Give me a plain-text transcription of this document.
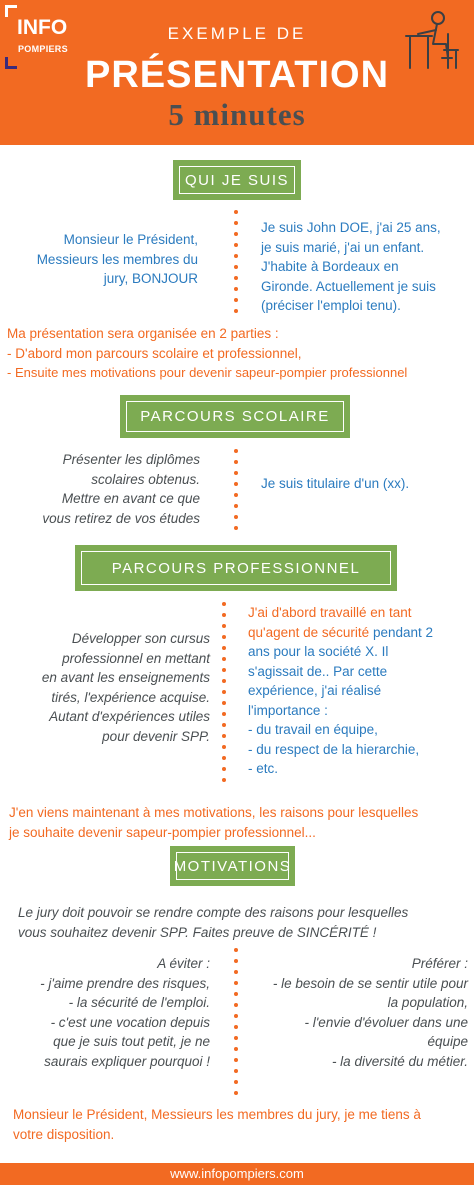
INFO
POMPIERS
EXEMPLE DE
PRÉSENTATION
5 minutes
QUI JE SUIS
Monsieur le Président,
Messieurs les membres du
jury, BONJOUR
Je suis John DOE, j'ai 25 ans,
je suis marié, j'ai un enfant.
J'habite à Bordeaux en
Gironde. Actuellement je suis
(préciser l'emploi tenu).
Ma présentation sera organisée en 2 parties :
- D'abord mon parcours scolaire et professionnel,
- Ensuite mes motivations pour devenir sapeur-pompier professionnel
PARCOURS SCOLAIRE
Présenter les diplômes
scolaires obtenus.
Mettre en avant ce que
vous retirez de vos études
Je suis titulaire d'un (xx).
PARCOURS PROFESSIONNEL
Développer son cursus
professionnel en mettant
en avant les enseignements
tirés, l'expérience acquise.
Autant d'expériences utiles
pour devenir SPP.
J'ai d'abord travaillé en tant
qu'agent de sécurité pendant 2
ans pour la société X. Il
s'agissait de.. Par cette
expérience, j'ai réalisé
l'importance :
- du travail en équipe,
- du respect de la hierarchie,
- etc.
J'en viens maintenant à mes motivations, les raisons pour lesquelles
je souhaite devenir sapeur-pompier professionnel...
MOTIVATIONS
Le jury doit pouvoir se rendre compte des raisons pour lesquelles
vous souhaitez devenir SPP. Faites preuve de SINCÉRITÉ !
A éviter :
- j'aime prendre des risques,
- la sécurité de l'emploi.
- c'est une vocation depuis
que je suis tout petit, je ne
saurais expliquer pourquoi !
Préférer :
- le besoin de se sentir utile pour
la population,
- l'envie d'évoluer dans une
équipe
- la diversité du métier.
Monsieur le Président, Messieurs les membres du jury, je me tiens à
votre disposition.
www.infopompiers.com
